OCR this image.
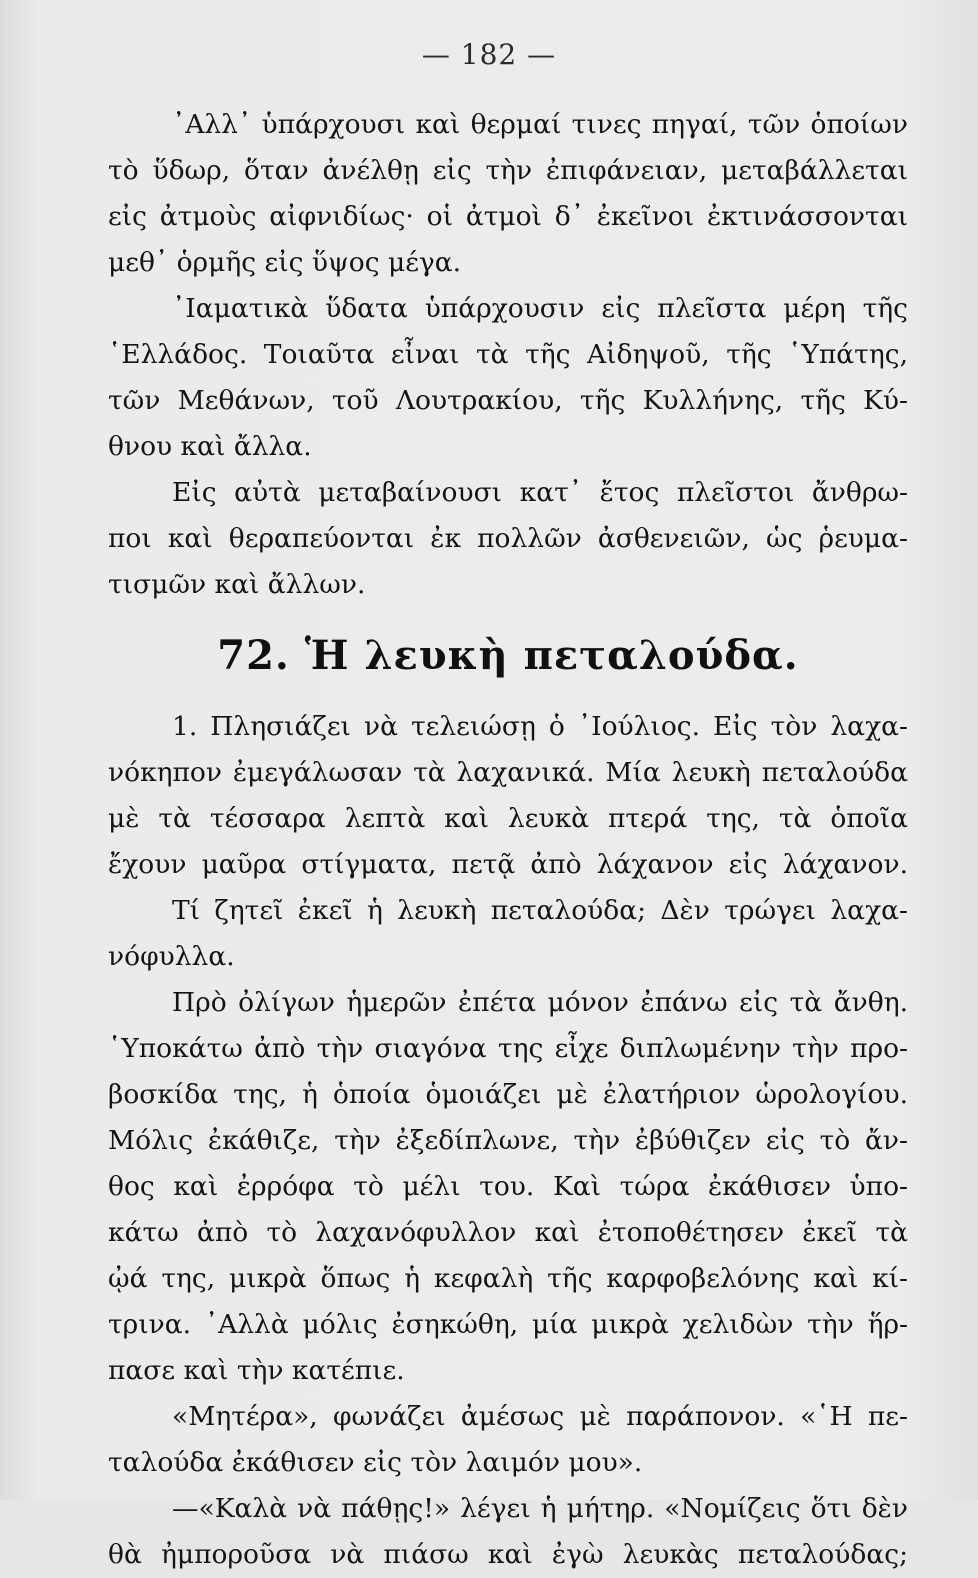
— 182 —
᾿Αλλ᾿ ὑπάρχουσι καὶ θερμαί τινες πηγαί, τῶν ὁποίων
τὸ ὕδωρ, ὅταν ἀνέλθῃ εἰς τὴν ἐπιφάνειαν, μεταβάλλεται
εἰς ἀτμοὺς αἰφνιδίως· οἱ ἀτμοὶ δ᾿ ἐκεῖνοι ἐκτινάσσονται
μεθ᾿ ὁρμῆς εἰς ὕψος μέγα.
᾿Ιαματικὰ ὕδατα ὑπάρχουσιν εἰς πλεῖστα μέρη τῆς
῾Ελλάδος. Τοιαῦτα εἶναι τὰ τῆς Αἰδηψοῦ, τῆς ῾Υπάτης,
τῶν Μεθάνων, τοῦ Λουτρακίου, τῆς Κυλλήνης, τῆς Κύ-
θνου καὶ ἄλλα.
Εἰς αὐτὰ μεταβαίνουσι κατ᾿ ἔτος πλεῖστοι ἄνθρω-
ποι καὶ θεραπεύονται ἐκ πολλῶν ἀσθενειῶν, ὡς ῥευμα-
τισμῶν καὶ ἄλλων.
72. Ἡ λευκὴ πεταλούδα.
1. Πλησιάζει νὰ τελειώσῃ ὁ ᾿Ιούλιος. Εἰς τὸν λαχα-
νόκηπον ἐμεγάλωσαν τὰ λαχανικά. Μία λευκὴ πεταλούδα
μὲ τὰ τέσσαρα λεπτὰ καὶ λευκὰ πτερά της, τὰ ὁποῖα
ἔχουν μαῦρα στίγματα, πετᾷ ἀπὸ λάχανον εἰς λάχανον.
Τί ζητεῖ ἐκεῖ ἡ λευκὴ πεταλούδα; Δὲν τρώγει λαχα-
νόφυλλα.
Πρὸ ὀλίγων ἡμερῶν ἐπέτα μόνον ἐπάνω εἰς τὰ ἄνθη.
῾Υποκάτω ἀπὸ τὴν σιαγόνα της εἶχε διπλωμένην τὴν προ-
βοσκίδα της, ἡ ὁποία ὁμοιάζει μὲ ἐλατήριον ὡρολογίου.
Μόλις ἐκάθιζε, τὴν ἐξεδίπλωνε, τὴν ἐβύθιζεν εἰς τὸ ἄν-
θος καὶ ἐρρόφα τὸ μέλι του. Καὶ τώρα ἐκάθισεν ὑπο-
κάτω ἀπὸ τὸ λαχανόφυλλον καὶ ἐτοποθέτησεν ἐκεῖ τὰ
ᾠά της, μικρὰ ὅπως ἡ κεφαλὴ τῆς καρφοβελόνης καὶ κί-
τρινα. ᾿Αλλὰ μόλις ἐσηκώθη, μία μικρὰ χελιδὼν τὴν ἥρ-
πασε καὶ τὴν κατέπιε.
«Μητέρα», φωνάζει ἀμέσως μὲ παράπονον. «῾Η πε-
ταλούδα ἐκάθισεν εἰς τὸν λαιμόν μου».
—«Καλὰ νὰ πάθῃς!» λέγει ἡ μήτηρ. «Νομίζεις ὅτι δὲν
θὰ ἠμποροῦσα νὰ πιάσω καὶ ἐγὼ λευκὰς πεταλούδας;
